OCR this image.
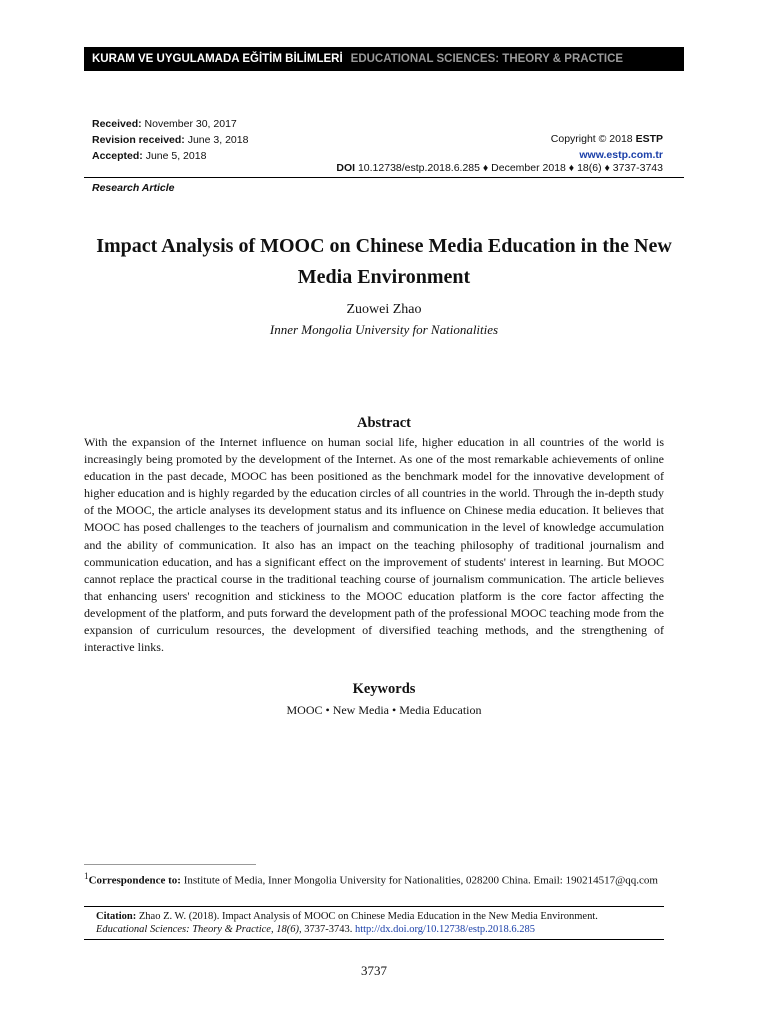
KURAM VE UYGULAMADA EĞİTİM BİLİMLERİ EDUCATIONAL SCIENCES: THEORY & PRACTICE
Received: November 30, 2017
Revision received: June 3, 2018
Accepted: June 5, 2018
Copyright © 2018 ESTP
www.estp.com.tr
DOI 10.12738/estp.2018.6.285 ♦ December 2018 ♦ 18(6) ♦ 3737-3743
Research Article
Impact Analysis of MOOC on Chinese Media Education in the New Media Environment
Zuowei Zhao
Inner Mongolia University for Nationalities
Abstract

With the expansion of the Internet influence on human social life, higher education in all countries of the world is increasingly being promoted by the development of the Internet. As one of the most remarkable achievements of online education in the past decade, MOOC has been positioned as the benchmark model for the innovative development of higher education and is highly regarded by the education circles of all countries in the world. Through the in-depth study of the MOOC, the article analyses its development status and its influence on Chinese media education. It believes that MOOC has posed challenges to the teachers of journalism and communication in the level of knowledge accumulation and the ability of communication. It also has an impact on the teaching philosophy of traditional journalism and communication education, and has a significant effect on the improvement of students' interest in learning. But MOOC cannot replace the practical course in the traditional teaching course of journalism communication. The article believes that enhancing users' recognition and stickiness to the MOOC education platform is the core factor affecting the development of the platform, and puts forward the development path of the professional MOOC teaching mode from the expansion of curriculum resources, the development of diversified teaching methods, and the strengthening of interactive links.

Keywords
MOOC • New Media • Media Education
$^1$Correspondence to: Institute of Media, Inner Mongolia University for Nationalities, 028200 China. Email: 190214517@qq.com
Citation: Zhao Z. W. (2018). Impact Analysis of MOOC on Chinese Media Education in the New Media Environment.
Educational Sciences: Theory & Practice, 18(6), 3737-3743. http://dx.doi.org/10.12738/estp.2018.6.285
3737
